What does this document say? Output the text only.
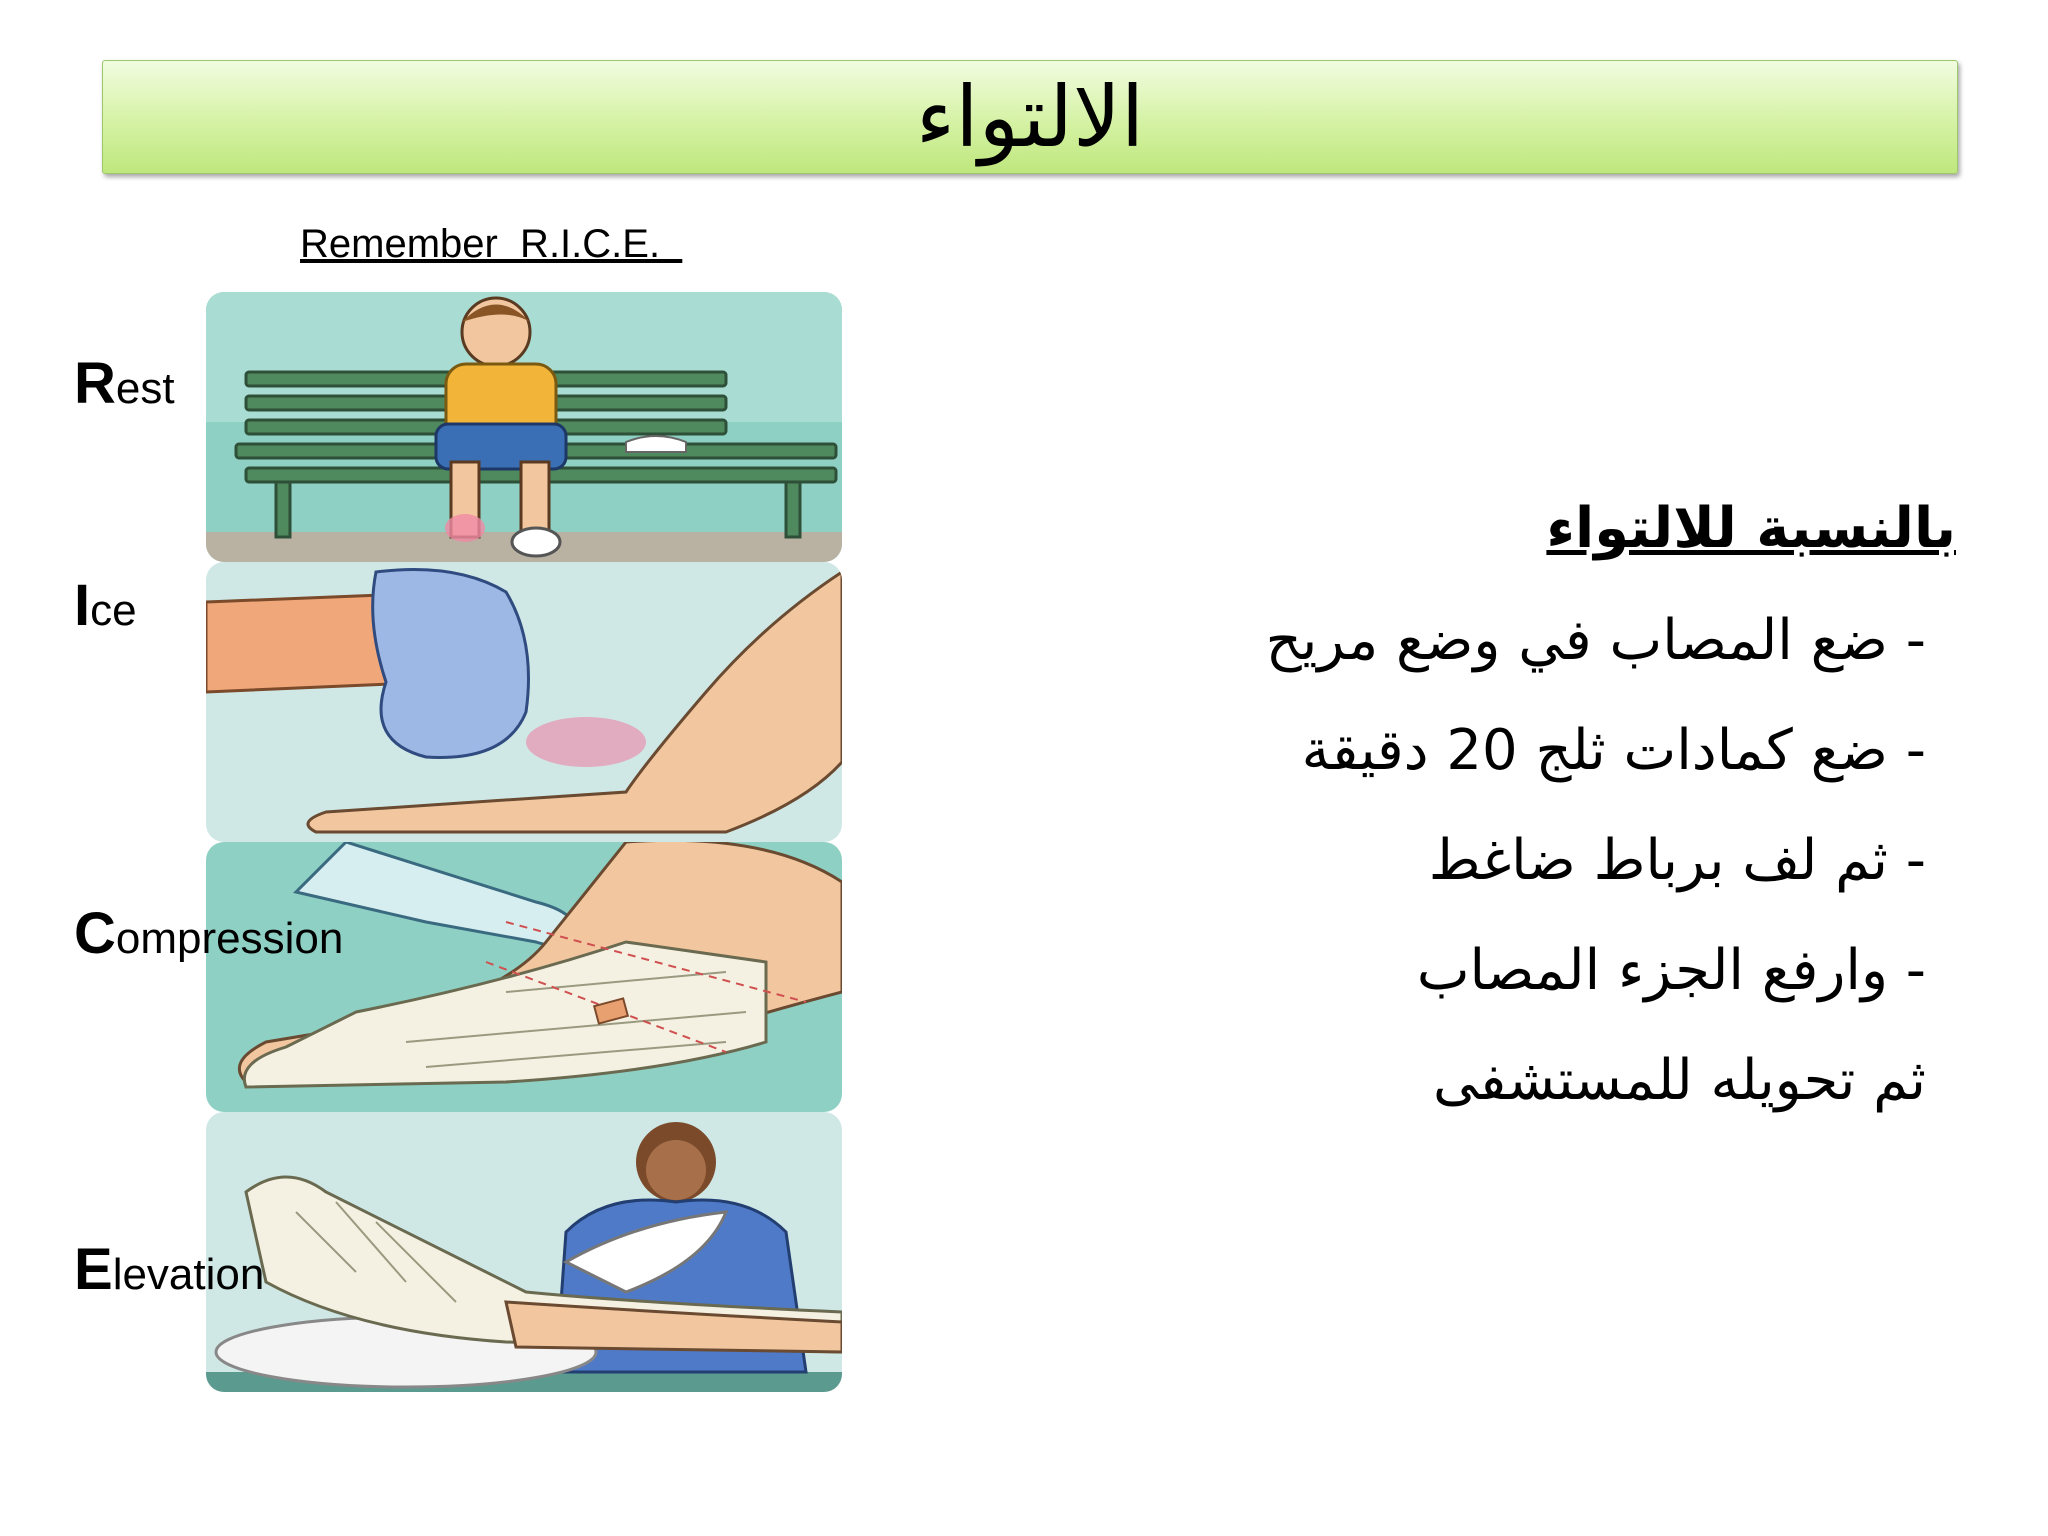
الالتواء
Remember  R.I.C.E.
Rest
Ice
Compression
Elevation
بالنسبة للالتواء
- ضع المصاب في وضع مريح
- ضع كمادات ثلج 20 دقيقة
- ثم لف برباط ضاغط
- وارفع الجزء المصاب
ثم تحويله للمستشفى
